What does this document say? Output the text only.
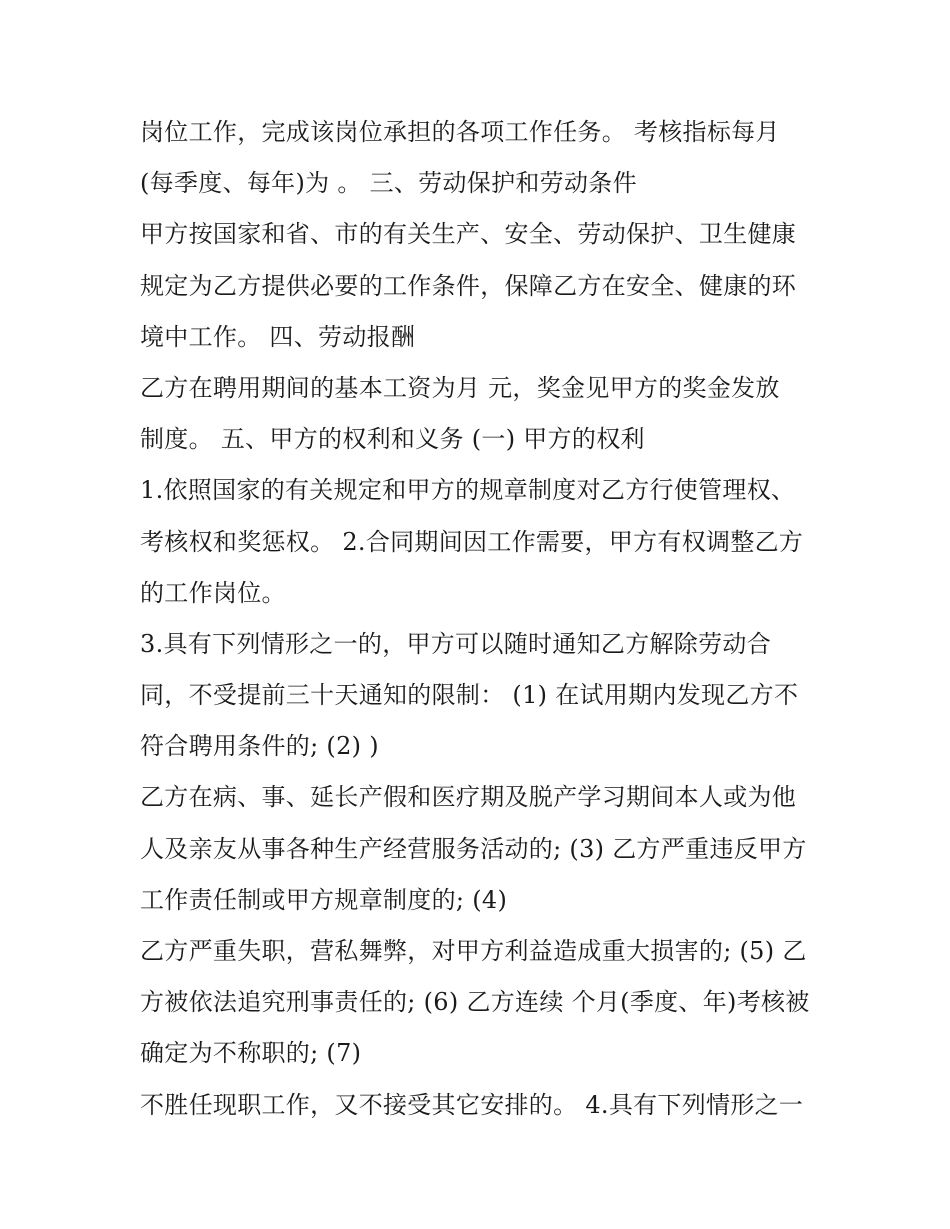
岗位工作，完成该岗位承担的各项工作任务。 考核指标每月
(每季度、每年)为 。 三、劳动保护和劳动条件
甲方按国家和省、市的有关生产、安全、劳动保护、卫生健康
规定为乙方提供必要的工作条件，保障乙方在安全、健康的环
境中工作。 四、劳动报酬
乙方在聘用期间的基本工资为月 元，奖金见甲方的奖金发放
制度。 五、甲方的权利和义务 (一) 甲方的权利
1.依照国家的有关规定和甲方的规章制度对乙方行使管理权、
考核权和奖惩权。 2.合同期间因工作需要，甲方有权调整乙方
的工作岗位。
3.具有下列情形之一的，甲方可以随时通知乙方解除劳动合
同，不受提前三十天通知的限制： (1) 在试用期内发现乙方不
符合聘用条件的; (2) )
乙方在病、事、延长产假和医疗期及脱产学习期间本人或为他
人及亲友从事各种生产经营服务活动的; (3) 乙方严重违反甲方
工作责任制或甲方规章制度的; (4)
乙方严重失职，营私舞弊，对甲方利益造成重大损害的; (5) 乙
方被依法追究刑事责任的; (6) 乙方连续 个月(季度、年)考核被
确定为不称职的; (7)
不胜任现职工作，又不接受其它安排的。 4.具有下列情形之一
